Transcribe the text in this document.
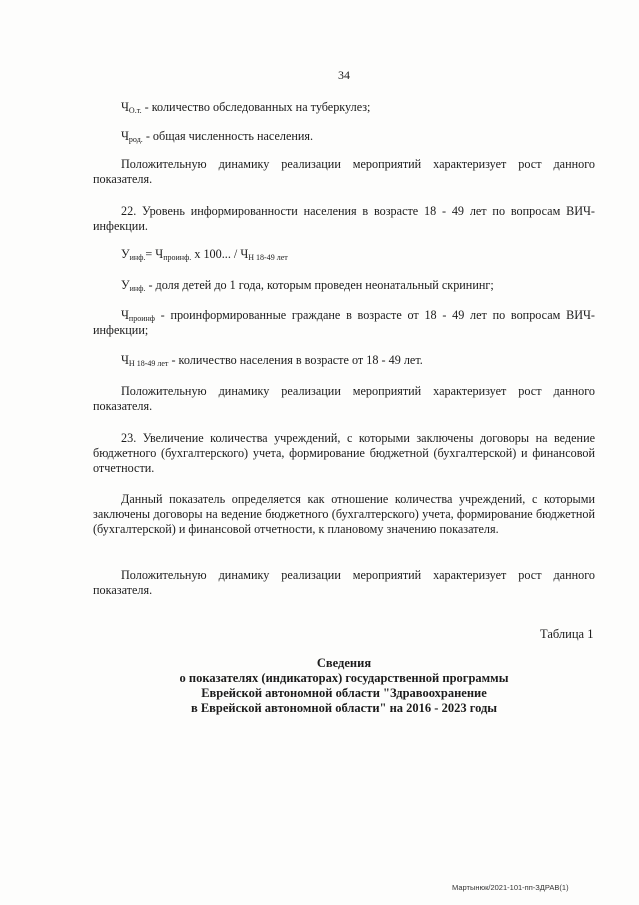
34
$Ч_{О.т.}$ - количество обследованных на туберкулез;
$Ч_{род.}$ - общая численность населения.
Положительную динамику реализации мероприятий характеризует рост данного показателя.
22. Уровень информированности населения в возрасте 18 - 49 лет по вопросам ВИЧ-инфекции.
$У_{инф.}= Ч_{проинф.}$ х 100... / $Ч_{Н 18-49 лет}$
$У_{инф.}$ - доля детей до 1 года, которым проведен неонатальный скрининг;
$Ч_{проинф}$ - проинформированные граждане в возрасте от 18 - 49 лет по вопросам ВИЧ-инфекции;
$Ч_{Н 18-49 лет}$ - количество населения в возрасте от 18 - 49 лет.
Положительную динамику реализации мероприятий характеризует рост данного показателя.
23. Увеличение количества учреждений, с которыми заключены договоры на ведение бюджетного (бухгалтерского) учета, формирование бюджетной (бухгалтерской) и финансовой отчетности.
Данный показатель определяется как отношение количества учреждений, с которыми заключены договоры на ведение бюджетного (бухгалтерского) учета, формирование бюджетной (бухгалтерской) и финансовой отчетности, к плановому значению показателя.
Положительную динамику реализации мероприятий характеризует рост данного показателя.
Таблица 1
Сведения
о показателях (индикаторах) государственной программы
Еврейской автономной области "Здравоохранение
в Еврейской автономной области" на 2016 - 2023 годы
Мартынюк/2021-101-пп-ЗДРАВ(1)
